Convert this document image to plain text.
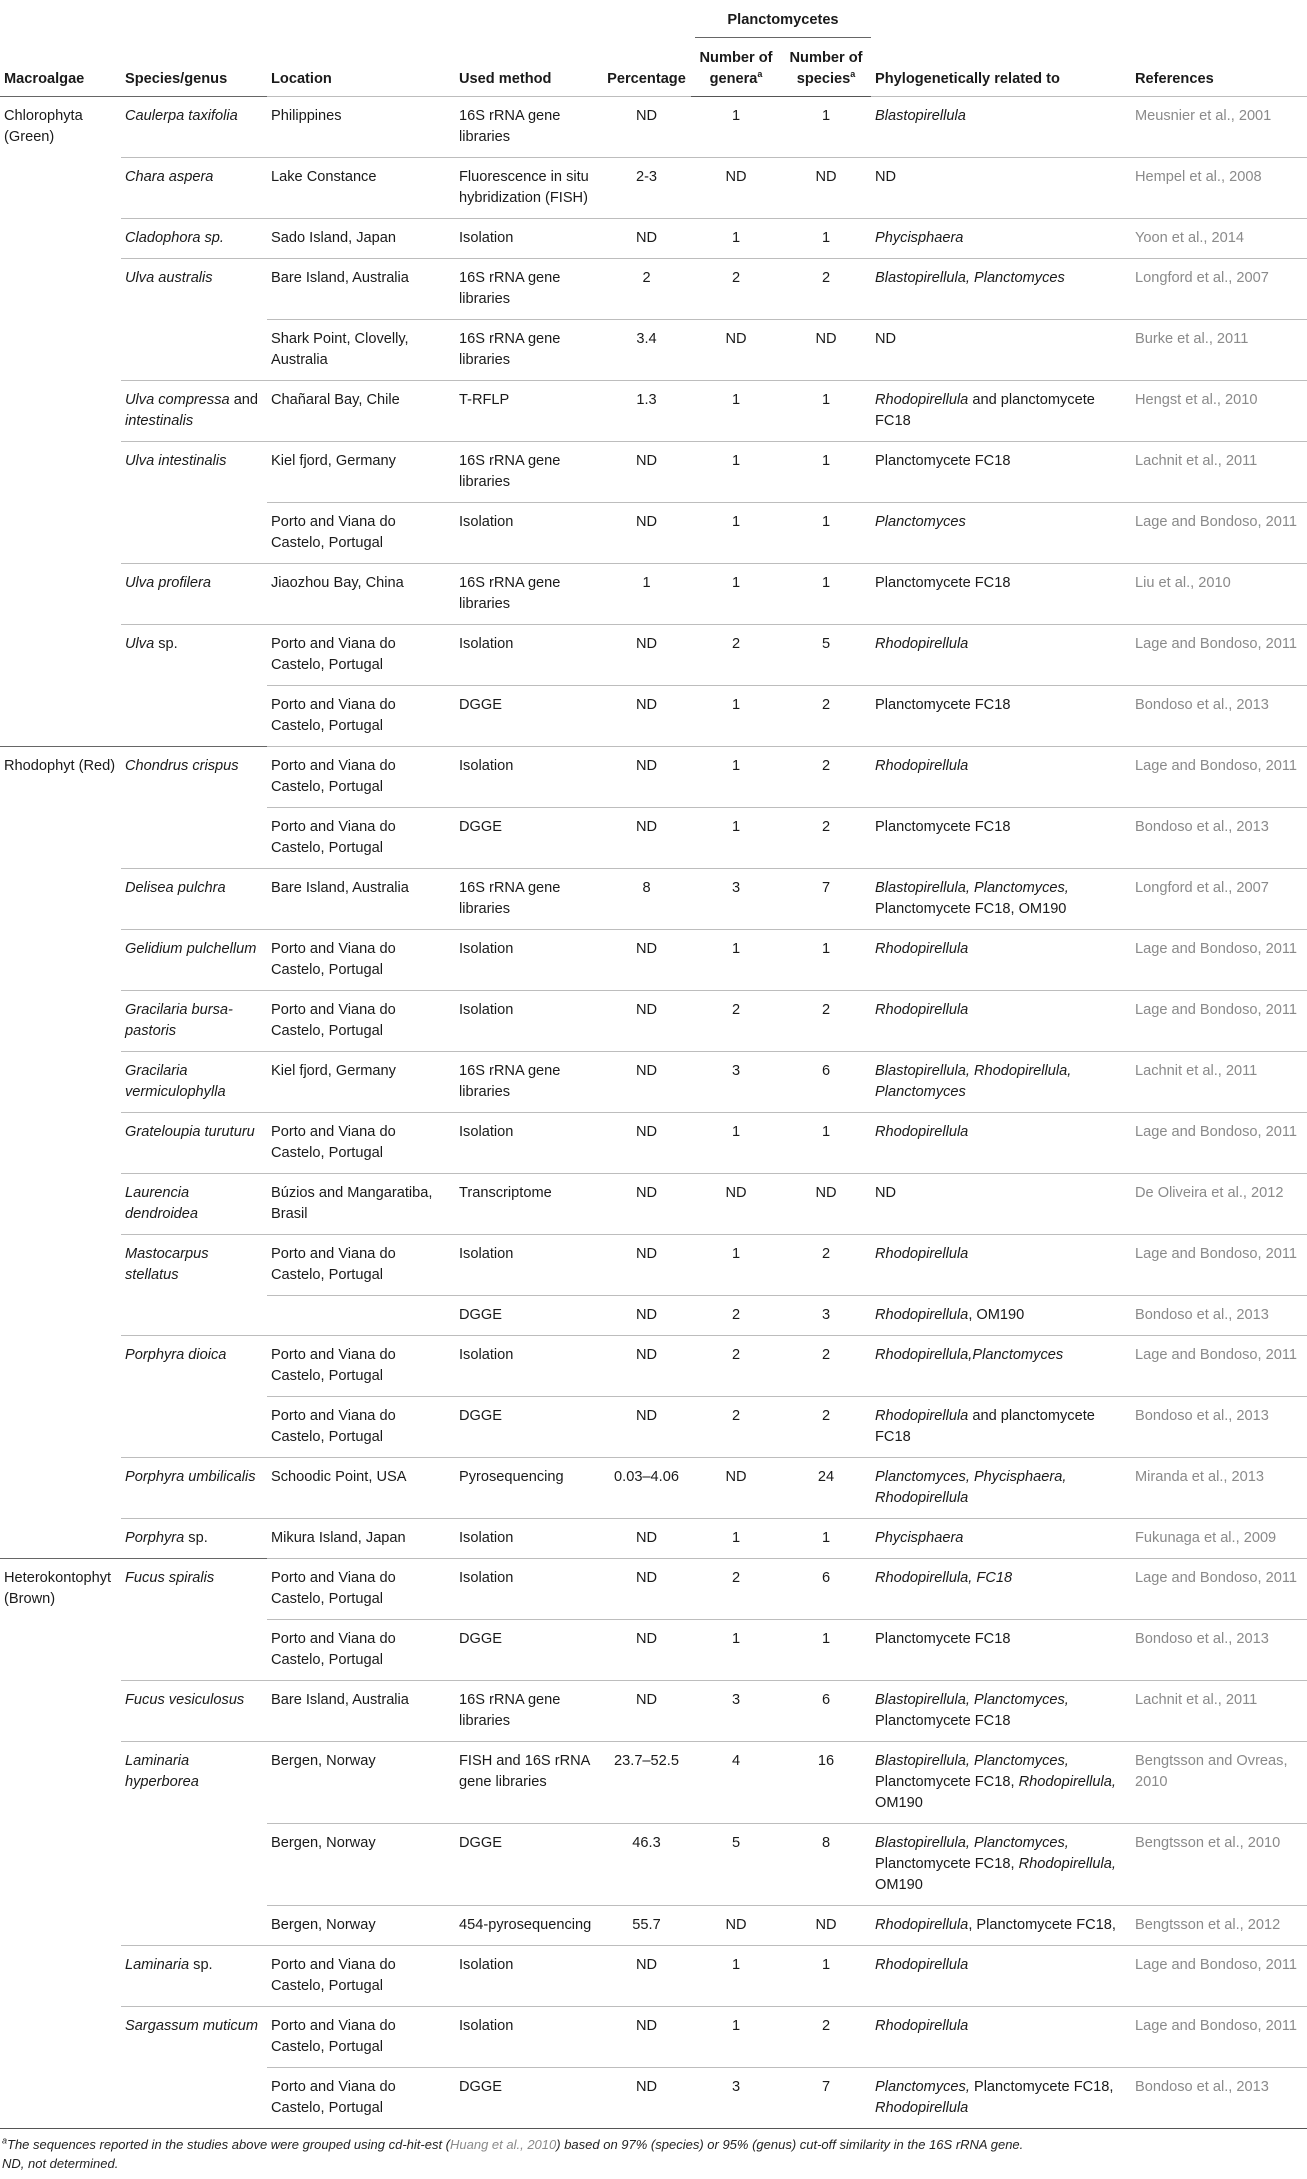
Macroalgae	Species/genus	Location	Used method	Percentage	Planctomycetes		Phylogenetically related to	References
					Number of genera$^a$	Number of species$^a$
Chlorophyta (Green)	Caulerpa taxifolia	Philippines	16S rRNA gene libraries	ND	1	1	Blastopirellula	Meusnier et al., 2001
	Chara aspera	Lake Constance	Fluorescence in situ hybridization (FISH)	2-3	ND	ND	ND	Hempel et al., 2008
	Cladophora sp.	Sado Island, Japan	Isolation	ND	1	1	Phycisphaera	Yoon et al., 2014
	Ulva australis	Bare Island, Australia	16S rRNA gene libraries	2	2	2	Blastopirellula, Planctomyces	Longford et al., 2007
		Shark Point, Clovelly, Australia	16S rRNA gene libraries	3.4	ND	ND	ND	Burke et al., 2011
	Ulva compressa and intestinalis	Chañaral Bay, Chile	T-RFLP	1.3	1	1	Rhodopirellula and planctomycete FC18	Hengst et al., 2010
	Ulva intestinalis	Kiel fjord, Germany	16S rRNA gene libraries	ND	1	1	Planctomycete FC18	Lachnit et al., 2011
		Porto and Viana do Castelo, Portugal	Isolation	ND	1	1	Planctomyces	Lage and Bondoso, 2011
	Ulva profilera	Jiaozhou Bay, China	16S rRNA gene libraries	1	1	1	Planctomycete FC18	Liu et al., 2010
	Ulva sp.	Porto and Viana do Castelo, Portugal	Isolation	ND	2	5	Rhodopirellula	Lage and Bondoso, 2011
		Porto and Viana do Castelo, Portugal	DGGE	ND	1	2	Planctomycete FC18	Bondoso et al., 2013
Rhodophyt (Red)	Chondrus crispus	Porto and Viana do Castelo, Portugal	Isolation	ND	1	2	Rhodopirellula	Lage and Bondoso, 2011
		Porto and Viana do Castelo, Portugal	DGGE	ND	1	2	Planctomycete FC18	Bondoso et al., 2013
	Delisea pulchra	Bare Island, Australia	16S rRNA gene libraries	8	3	7	Blastopirellula, Planctomyces, Planctomycete FC18, OM190	Longford et al., 2007
	Gelidium pulchellum	Porto and Viana do Castelo, Portugal	Isolation	ND	1	1	Rhodopirellula	Lage and Bondoso, 2011
	Gracilaria bursa-pastoris	Porto and Viana do Castelo, Portugal	Isolation	ND	2	2	Rhodopirellula	Lage and Bondoso, 2011
	Gracilaria vermiculophylla	Kiel fjord, Germany	16S rRNA gene libraries	ND	3	6	Blastopirellula, Rhodopirellula, Planctomyces	Lachnit et al., 2011
	Grateloupia turuturu	Porto and Viana do Castelo, Portugal	Isolation	ND	1	1	Rhodopirellula	Lage and Bondoso, 2011
	Laurencia dendroidea	Búzios and Mangaratiba, Brasil	Transcriptome	ND	ND	ND	ND	De Oliveira et al., 2012
	Mastocarpus stellatus	Porto and Viana do Castelo, Portugal	Isolation	ND	1	2	Rhodopirellula	Lage and Bondoso, 2011
			DGGE	ND	2	3	Rhodopirellula, OM190	Bondoso et al., 2013
	Porphyra dioica	Porto and Viana do Castelo, Portugal	Isolation	ND	2	2	Rhodopirellula,Planctomyces	Lage and Bondoso, 2011
		Porto and Viana do Castelo, Portugal	DGGE	ND	2	2	Rhodopirellula and planctomycete FC18	Bondoso et al., 2013
	Porphyra umbilicalis	Schoodic Point, USA	Pyrosequencing	0.03–4.06	ND	24	Planctomyces, Phycisphaera, Rhodopirellula	Miranda et al., 2013
	Porphyra sp.	Mikura Island, Japan	Isolation	ND	1	1	Phycisphaera	Fukunaga et al., 2009
Heterokontophyt (Brown)	Fucus spiralis	Porto and Viana do Castelo, Portugal	Isolation	ND	2	6	Rhodopirellula, FC18	Lage and Bondoso, 2011
		Porto and Viana do Castelo, Portugal	DGGE	ND	1	1	Planctomycete FC18	Bondoso et al., 2013
	Fucus vesiculosus	Bare Island, Australia	16S rRNA gene libraries	ND	3	6	Blastopirellula, Planctomyces, Planctomycete FC18	Lachnit et al., 2011
	Laminaria hyperborea	Bergen, Norway	FISH and 16S rRNA gene libraries	23.7–52.5	4	16	Blastopirellula, Planctomyces, Planctomycete FC18, Rhodopirellula, OM190	Bengtsson and Ovreas, 2010
		Bergen, Norway	DGGE	46.3	5	8	Blastopirellula, Planctomyces, Planctomycete FC18, Rhodopirellula, OM190	Bengtsson et al., 2010
		Bergen, Norway	454-pyrosequencing	55.7	ND	ND	Rhodopirellula, Planctomycete FC18,	Bengtsson et al., 2012
	Laminaria sp.	Porto and Viana do Castelo, Portugal	Isolation	ND	1	1	Rhodopirellula	Lage and Bondoso, 2011
	Sargassum muticum	Porto and Viana do Castelo, Portugal	Isolation	ND	1	2	Rhodopirellula	Lage and Bondoso, 2011
		Porto and Viana do Castelo, Portugal	DGGE	ND	3	7	Planctomyces, Planctomycete FC18, Rhodopirellula	Bondoso et al., 2013
$^a$The sequences reported in the studies above were grouped using cd-hit-est (Huang et al., 2010) based on 97% (species) or 95% (genus) cut-off similarity in the 16S rRNA gene.
ND, not determined.
